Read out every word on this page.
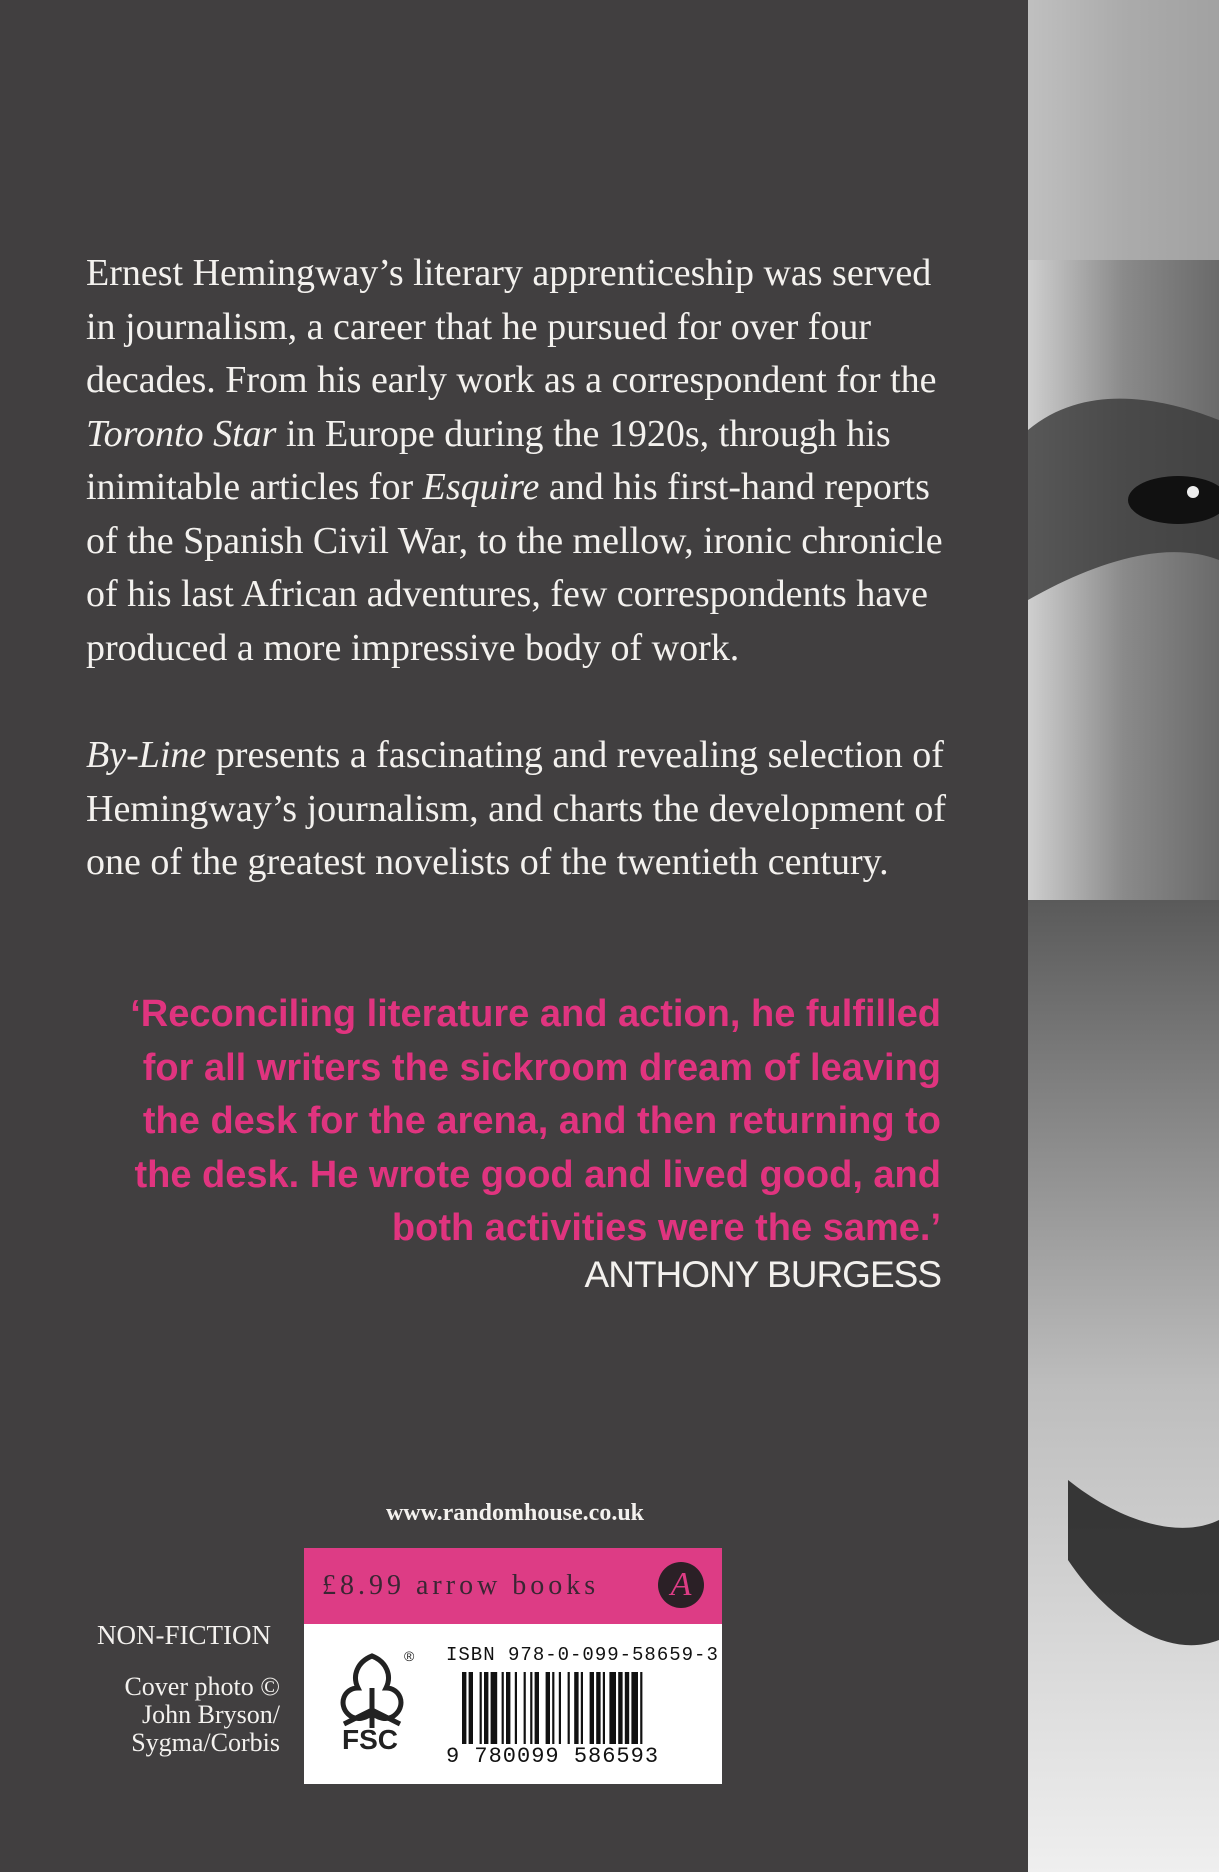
Ernest Hemingway’s literary apprenticeship was served in journalism, a career that he pursued for over four decades. From his early work as a correspondent for the Toronto Star in Europe during the 1920s, through his inimitable articles for Esquire and his first-hand reports of the Spanish Civil War, to the mellow, ironic chronicle of his last African adventures, few correspondents have produced a more impressive body of work.

By-Line presents a fascinating and revealing selection of Hemingway’s journalism, and charts the development of one of the greatest novelists of the twentieth century.

‘Reconciling literature and action, he fulfilled for all writers the sickroom dream of leaving the desk for the arena, and then returning to the desk. He wrote good and lived good, and both activities were the same.’
ANTHONY BURGESS
www.randomhouse.co.uk
NON-FICTION
Cover photo ©
John Bryson/
Sygma/Corbis
£8.99 arrow books	A
FSC
® ISBN 978-0-099-58659-3
9 780099 586593
